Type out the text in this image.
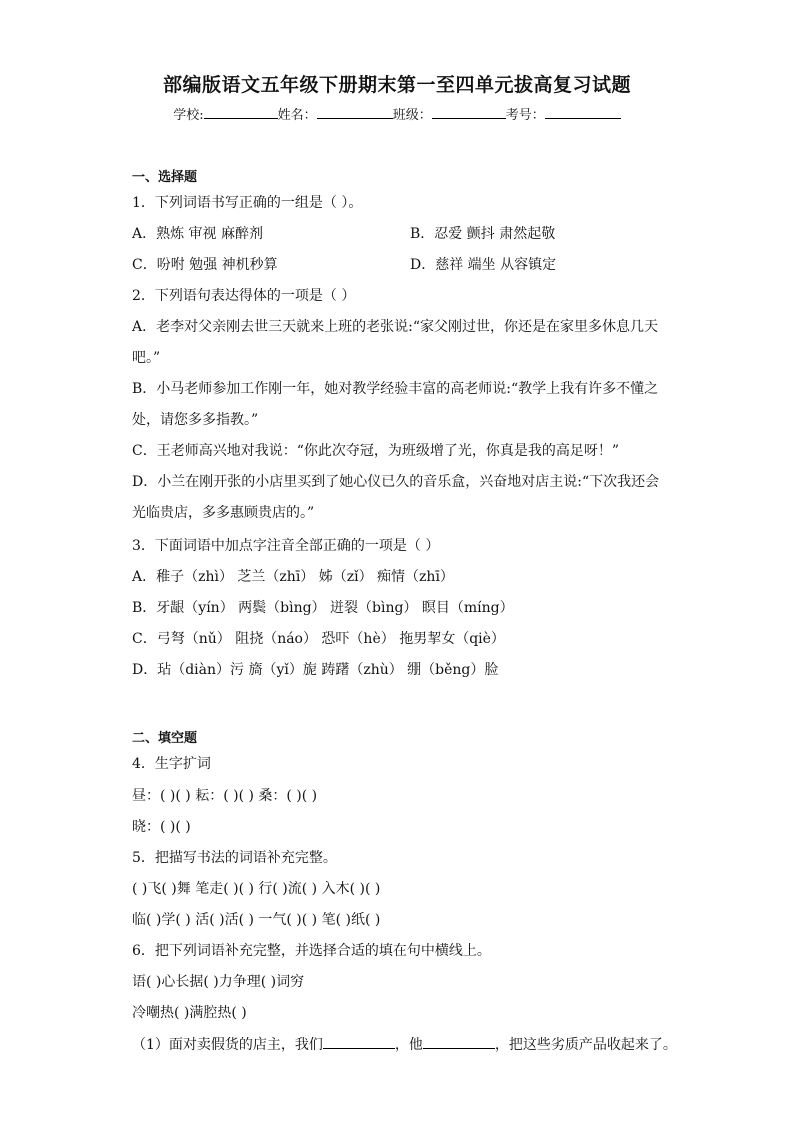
部编版语文五年级下册期末第一至四单元拔高复习试题
学校:	姓名：	班级：	考号：
一、选择题
1．下列词语书写正确的一组是（ ）。
A．熟炼 审视 麻醉剂	B．忍爱 颤抖 肃然起敬
C．吩咐 勉强 神机秒算	D．慈祥 端坐 从容镇定
2．下列语句表达得体的一项是（ ）
A．老李对父亲刚去世三天就来上班的老张说:“家父刚过世，你还是在家里多休息几天
吧。”
B．小马老师参加工作刚一年，她对教学经验丰富的高老师说:“教学上我有许多不懂之
处，请您多多指教。”
C．王老师高兴地对我说：“你此次夺冠，为班级增了光，你真是我的高足呀！”
D．小兰在刚开张的小店里买到了她心仪已久的音乐盒，兴奋地对店主说:“下次我还会
光临贵店，多多惠顾贵店的。”
3．下面词语中加点字注音全部正确的一项是（ ）
A．稚子（zhì） 芝兰（zhī） 姊（zǐ） 痴情（zhī）
B．牙龈（yín） 两鬓（bìng） 迸裂（bìng） 瞑目（míng）
C．弓弩（nǔ） 阻挠（náo） 恐吓（hè） 拖男挈女（qiè）
D．玷（diàn）污 旖（yǐ）旎 踌躇（zhù） 绷（běng）脸
二、填空题
4．生字扩词
昼：( )( ) 耘：( )( ) 桑：( )( )
晓：( )( )
5．把描写书法的词语补充完整。
( )飞( )舞 笔走( )( ) 行( )流( ) 入木( )( )
临( )学( ) 活( )活( ) 一气( )( ) 笔( )纸( )
6．把下列词语补充完整，并选择合适的填在句中横线上。
语( )心长据( )力争理( )词穷
冷嘲热( )满腔热( )
（1）面对卖假货的店主，我们	，他	，把这些劣质产品收起来了。
